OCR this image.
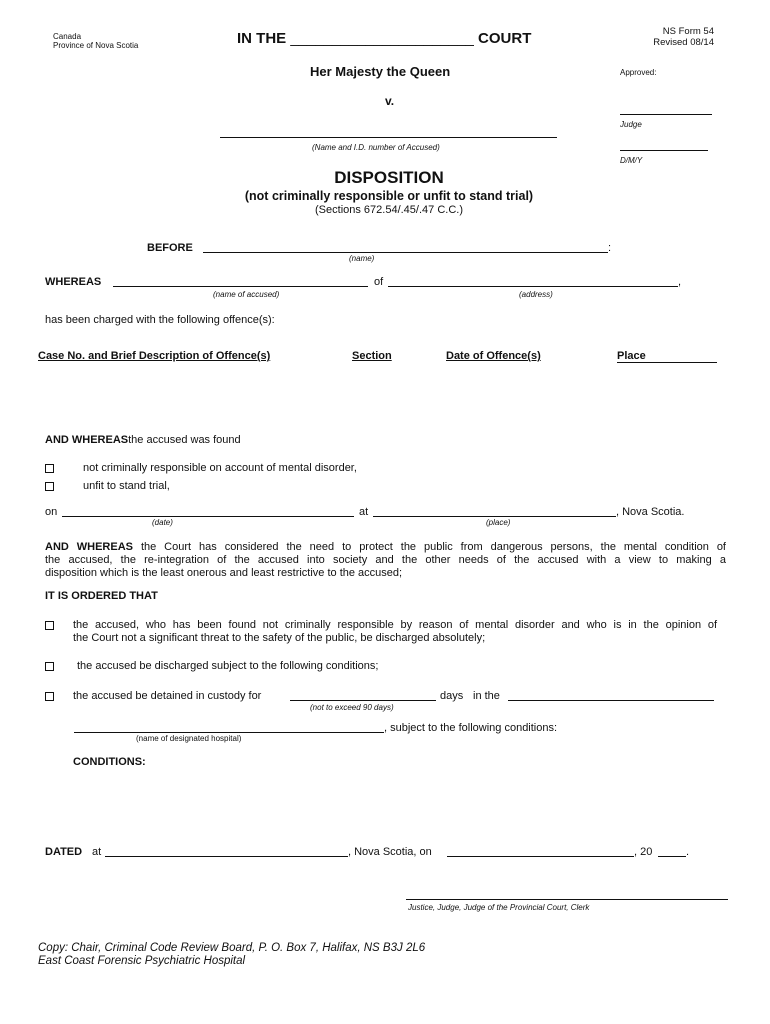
Canada
Province of Nova Scotia	IN THE ______________________ COURT	NS Form 54
Revised 08/14
Her Majesty the Queen
v.
(Name and I.D. number of Accused)
Approved:
Judge
D/M/Y
DISPOSITION
(not criminally responsible or unfit to stand trial)
(Sections 672.54/.45/.47 C.C.)
BEFORE	:
(name)
WHEREAS	of	,
(name of accused)	(address)
has been charged with the following offence(s):
Case No. and Brief Description of Offence(s)	Section	Date of Offence(s)	Place
AND WHEREASthe accused was found
not criminally responsible on account of mental disorder,
unfit to stand trial,
on	at	, Nova Scotia.
(date)	(place)
AND WHEREAS the Court has considered the need to protect the public from dangerous persons, the mental condition of
the accused, the re-integration of the accused into society and the other needs of the accused with a view to making a
disposition which is the least onerous and least restrictive to the accused;
IT IS ORDERED THAT
the accused, who has been found not criminally responsible by reason of mental disorder and who is in the opinion of
the Court not a significant threat to the safety of the public, be discharged absolutely;
the accused be discharged subject to the following conditions;
the accused be detained in custody for	days in the
(not to exceed 90 days)
, subject to the following conditions:
(name of designated hospital)
CONDITIONS:
DATED at	, Nova Scotia, on	, 20	.
Justice, Judge, Judge of the Provincial Court, Clerk
Copy: Chair, Criminal Code Review Board, P. O. Box 7, Halifax, NS B3J 2L6
East Coast Forensic Psychiatric Hospital
